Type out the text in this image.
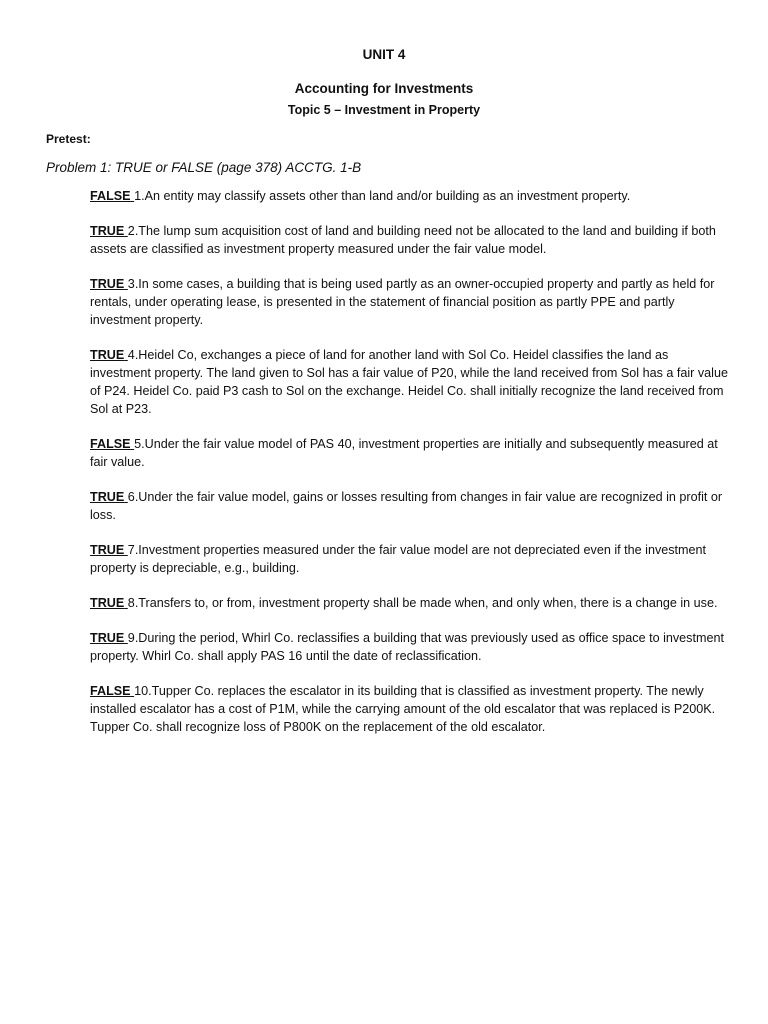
UNIT 4
Accounting for Investments
Topic 5 – Investment in Property
Pretest:
Problem 1: TRUE or FALSE (page 378) ACCTG. 1-B
FALSE 1.An entity may classify assets other than land and/or building as an investment property.
TRUE 2.The lump sum acquisition cost of land and building need not be allocated to the land and building if both assets are classified as investment property measured under the fair value model.
TRUE 3.In some cases, a building that is being used partly as an owner-occupied property and partly as held for rentals, under operating lease, is presented in the statement of financial position as partly PPE and partly investment property.
TRUE 4.Heidel Co, exchanges a piece of land for another land with Sol Co. Heidel classifies the land as investment property. The land given to Sol has a fair value of P20, while the land received from Sol has a fair value of P24. Heidel Co. paid P3 cash to Sol on the exchange. Heidel Co. shall initially recognize the land received from Sol at P23.
FALSE 5.Under the fair value model of PAS 40, investment properties are initially and subsequently measured at fair value.
TRUE 6.Under the fair value model, gains or losses resulting from changes in fair value are recognized in profit or loss.
TRUE 7.Investment properties measured under the fair value model are not depreciated even if the investment property is depreciable, e.g., building.
TRUE 8.Transfers to, or from, investment property shall be made when, and only when, there is a change in use.
TRUE 9.During the period, Whirl Co. reclassifies a building that was previously used as office space to investment property. Whirl Co. shall apply PAS 16 until the date of reclassification.
FALSE 10.Tupper Co. replaces the escalator in its building that is classified as investment property. The newly installed escalator has a cost of P1M, while the carrying amount of the old escalator that was replaced is P200K. Tupper Co. shall recognize loss of P800K on the replacement of the old escalator.
